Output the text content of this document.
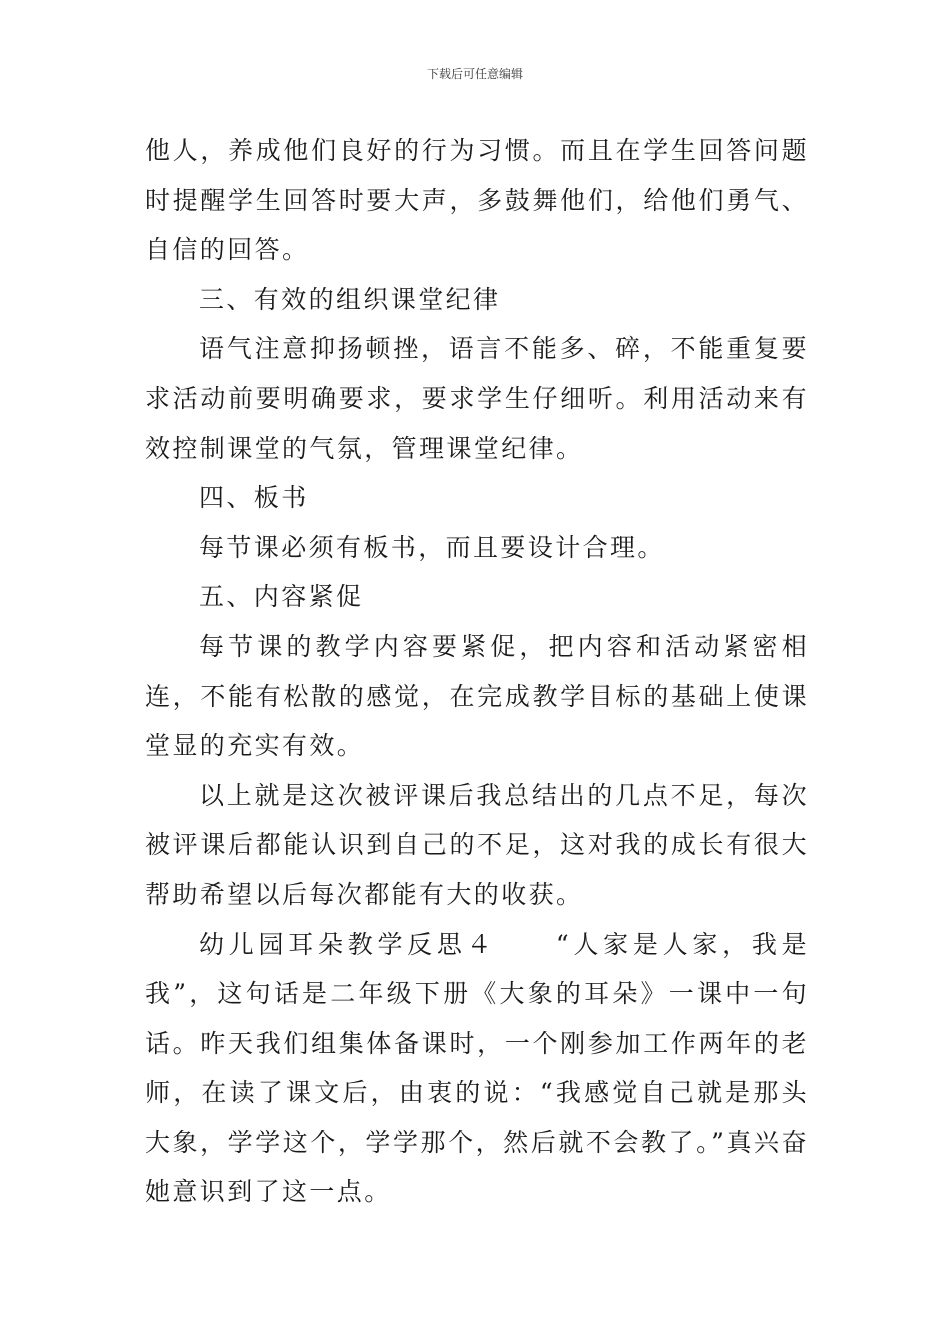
下载后可任意编辑

他人，养成他们良好的行为习惯。而且在学生回答问题时提醒学生回答时要大声，多鼓舞他们，给他们勇气、自信的回答。

三、有效的组织课堂纪律

语气注意抑扬顿挫，语言不能多、碎，不能重复要求活动前要明确要求，要求学生仔细听。利用活动来有效控制课堂的气氛，管理课堂纪律。

四、板书

每节课必须有板书，而且要设计合理。

五、内容紧促

每节课的教学内容要紧促，把内容和活动紧密相连，不能有松散的感觉，在完成教学目标的基础上使课堂显的充实有效。

以上就是这次被评课后我总结出的几点不足，每次被评课后都能认识到自己的不足，这对我的成长有很大帮助希望以后每次都能有大的收获。

幼儿园耳朵教学反思４　　“人家是人家，我是我”，这句话是二年级下册《大象的耳朵》一课中一句话。昨天我们组集体备课时，一个刚参加工作两年的老师，在读了课文后，由衷的说：“我感觉自己就是那头大象，学学这个，学学那个，然后就不会教了。”真兴奋她意识到了这一点。
